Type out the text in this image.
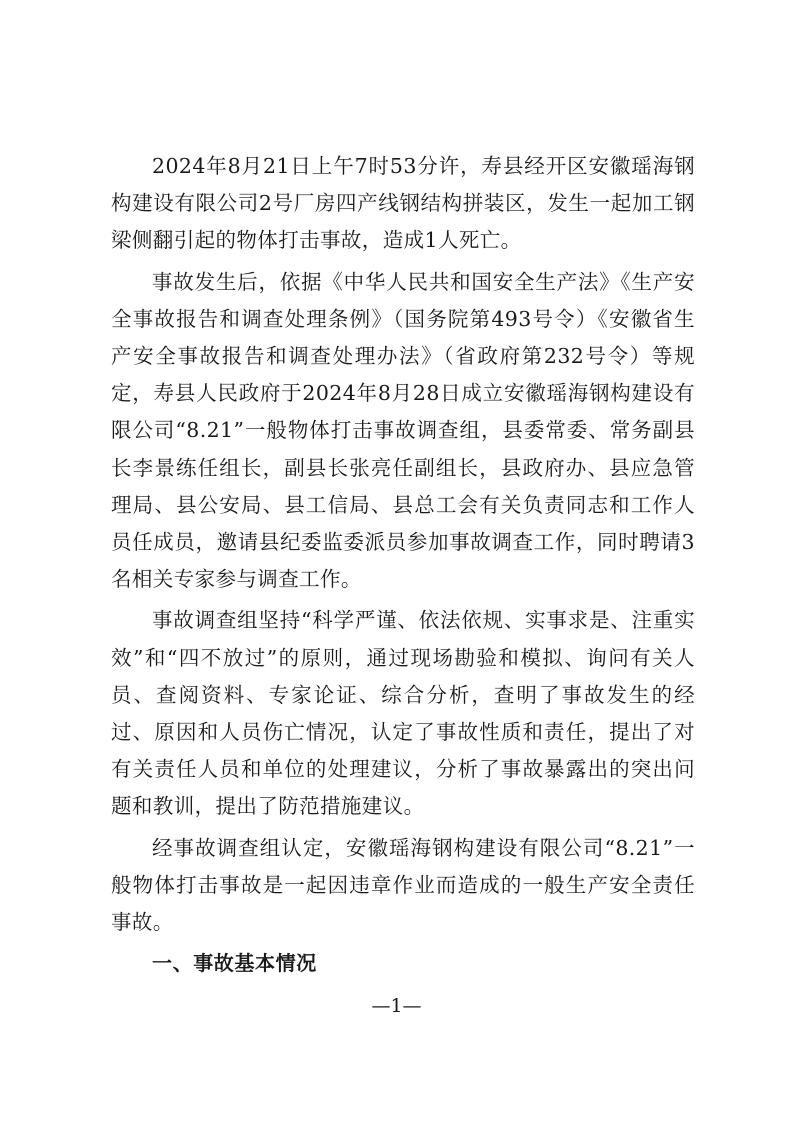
2024年8月21日上午7时53分许，寿县经开区安徽瑶海钢构建设有限公司2号厂房四产线钢结构拼装区，发生一起加工钢梁侧翻引起的物体打击事故，造成1人死亡。

事故发生后，依据《中华人民共和国安全生产法》《生产安全事故报告和调查处理条例》（国务院第493号令）《安徽省生产安全事故报告和调查处理办法》（省政府第232号令）等规定，寿县人民政府于2024年8月28日成立安徽瑶海钢构建设有限公司“8.21”一般物体打击事故调查组，县委常委、常务副县长李景练任组长，副县长张亮任副组长，县政府办、县应急管理局、县公安局、县工信局、县总工会有关负责同志和工作人员任成员，邀请县纪委监委派员参加事故调查工作，同时聘请3名相关专家参与调查工作。

事故调查组坚持“科学严谨、依法依规、实事求是、注重实效”和“四不放过”的原则，通过现场勘验和模拟、询问有关人员、查阅资料、专家论证、综合分析，查明了事故发生的经过、原因和人员伤亡情况，认定了事故性质和责任，提出了对有关责任人员和单位的处理建议，分析了事故暴露出的突出问题和教训，提出了防范措施建议。

经事故调查组认定，安徽瑶海钢构建设有限公司“8.21”一般物体打击事故是一起因违章作业而造成的一般生产安全责任事故。

一、事故基本情况
—1—
